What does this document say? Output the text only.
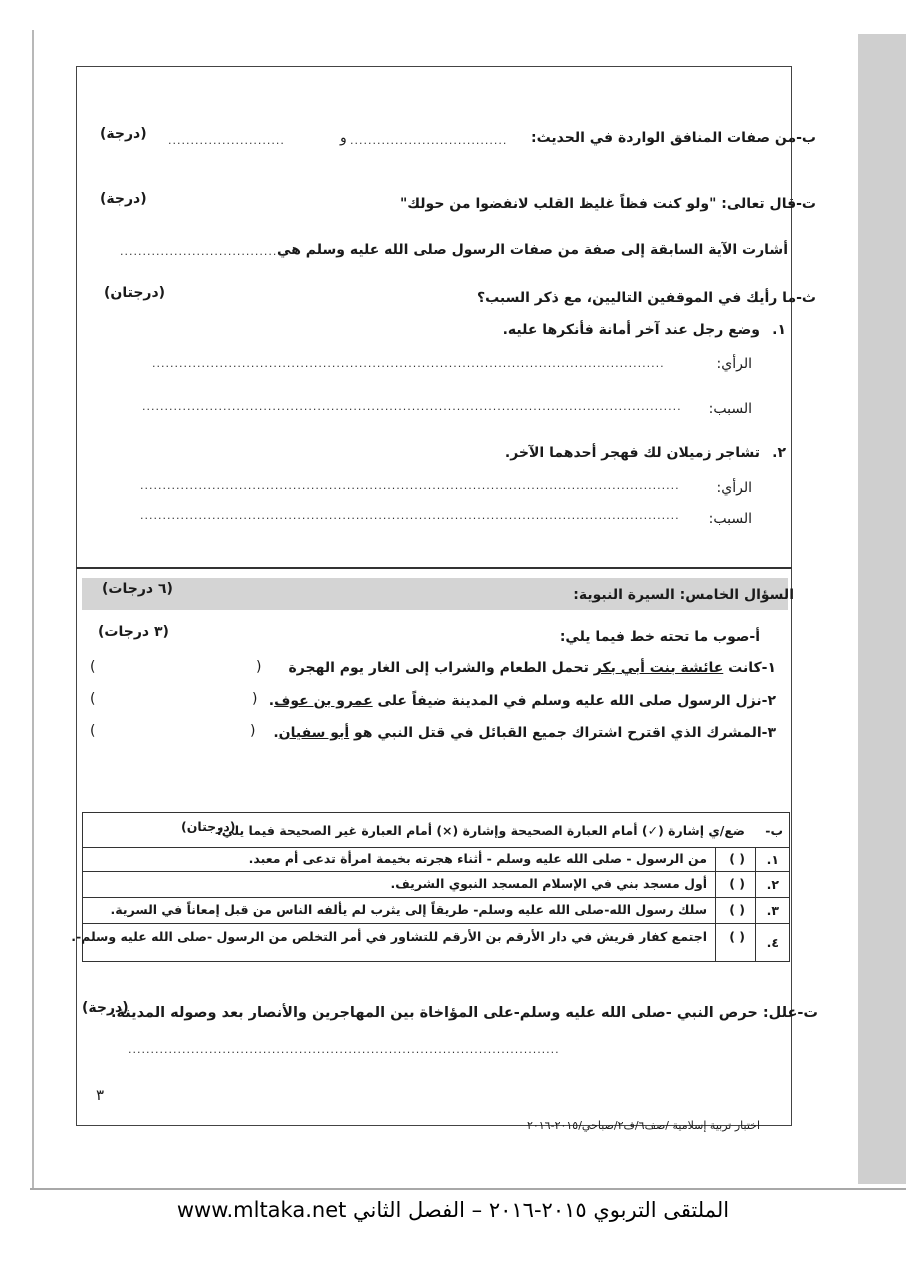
ب-من صفات المنافق الواردة في الحديث:
...................................
و
..........................
(درجة)
ت-قال تعالى: "ولو كنت فظاً غليظ القلب لانفضوا من حولك"
(درجة)
أشارت الآية السابقة إلى صفة من صفات الرسول صلى الله عليه وسلم هي
.....................................
ث-ما رأيك في الموقفين التاليين، مع ذكر السبب؟
(درجتان)
١.
وضع رجل عند آخر أمانة فأنكرها عليه.
الرأي:
..................................................................................................................
السبب:
........................................................................................................................
٢.
تشاجر زميلان لك فهجر أحدهما الآخر.
الرأي:
........................................................................................................................
السبب:
........................................................................................................................
السؤال الخامس: السيرة النبوية:
(٦ درجات)
أ-صوب ما تحته خط فيما يلي:
(٣ درجات)
١-كانت عائشة بنت أبي بكر تحمل الطعام والشراب إلى الغار يوم الهجرة
(
)
٢-نزل الرسول صلى الله عليه وسلم في المدينة ضيفاً على عمرو بن عوف.
(
)
٣-المشرك الذي اقترح اشتراك جميع القبائل في قتل النبي هو أبو سفيان.
(
)
ب-
ضع/ي إشارة (✓) أمام العبارة الصحيحة وإشارة (×) أمام العبارة غير الصحيحة فيما يلي:
(درجتان)
١.
( )
من الرسول - صلى الله عليه وسلم - أثناء هجرته بخيمة امرأة تدعى أم معبد.
٢.
( )
أول مسجد بني في الإسلام المسجد النبوي الشريف.
٣.
( )
سلك رسول الله-صلى الله عليه وسلم- طريقاً إلى يثرب لم يألفه الناس من قبل إمعاناً في السرية.
٤.
( )
اجتمع كفار قريش في دار الأرقم بن الأرقم للتشاور في أمر التخلص من الرسول -صلى الله عليه وسلم-.
ت-علل: حرص النبي -صلى الله عليه وسلم-على المؤاخاة بين المهاجرين والأنصار بعد وصوله المدينة.
(درجة)
................................................................................................
٣
اختبار تربية إسلامية /صف٦/ف٢/صباحي/٢٠١٥-٢٠١٦
الملتقى التربوي ٢٠١٥-٢٠١٦ – الفصل الثاني www.mltaka.net
